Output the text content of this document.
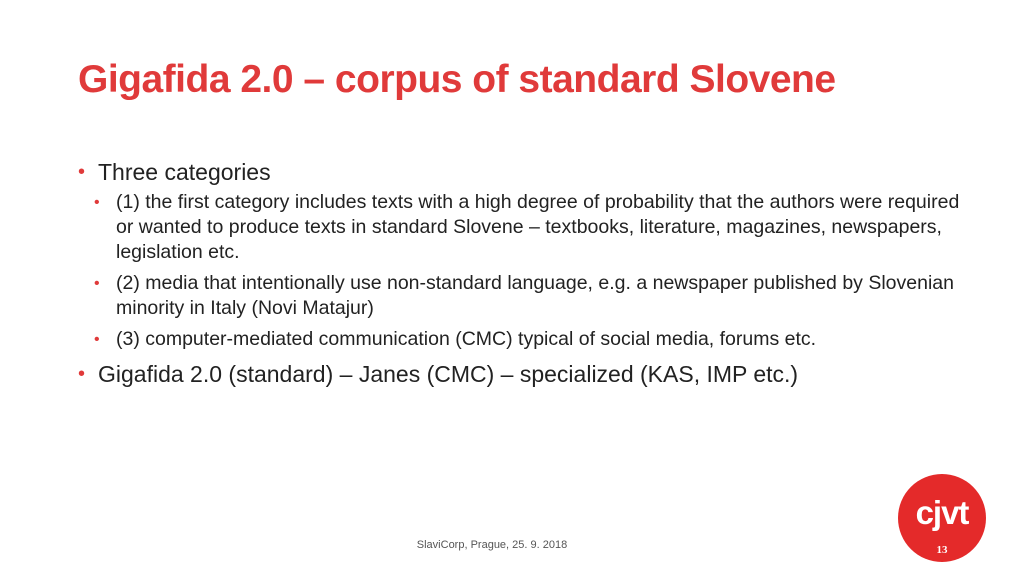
Gigafida 2.0 – corpus of standard Slovene
• Three categories
• (1) the first category includes texts with a high degree of probability that the authors were required or wanted to produce texts in standard Slovene – textbooks, literature, magazines, newspapers, legislation etc.
• (2) media that intentionally use non-standard language, e.g. a newspaper published by Slovenian minority in Italy (Novi Matajur)
• (3) computer-mediated communication (CMC) typical of social media, forums etc.
• Gigafida 2.0 (standard) – Janes (CMC) – specialized (KAS, IMP etc.)
SlaviCorp, Prague, 25. 9. 2018
cjvt
13
